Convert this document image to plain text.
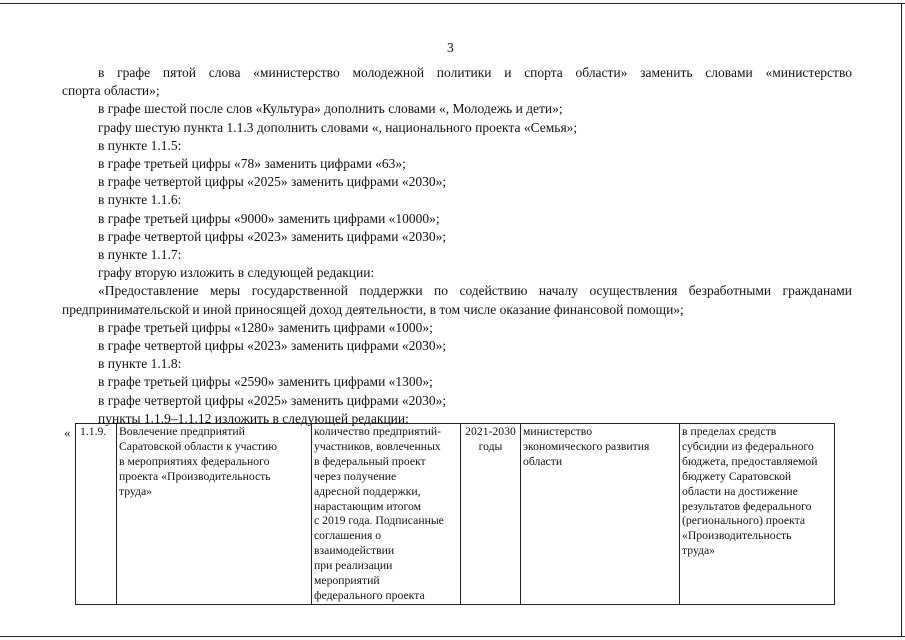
3
в графе пятой слова «министерство молодежной политики и спорта области» заменить словами «министерство
спорта области»;
в графе шестой после слов «Культура» дополнить словами «, Молодежь и дети»;
графу шестую пункта 1.1.3 дополнить словами «, национального проекта «Семья»;
в пункте 1.1.5:
в графе третьей цифры «78» заменить цифрами «63»;
в графе четвертой цифры «2025» заменить цифрами «2030»;
в пункте 1.1.6:
в графе третьей цифры «9000» заменить цифрами «10000»;
в графе четвертой цифры «2023» заменить цифрами «2030»;
в пункте 1.1.7:
графу вторую изложить в следующей редакции:
«Предоставление меры государственной поддержки по содействию началу осуществления безработными гражданами
предпринимательской и иной приносящей доход деятельности, в том числе оказание финансовой помощи»;
в графе третьей цифры «1280» заменить цифрами «1000»;
в графе четвертой цифры «2023» заменить цифрами «2030»;
в пункте 1.1.8:
в графе третьей цифры «2590» заменить цифрами «1300»;
в графе четвертой цифры «2025» заменить цифрами «2030»;
пункты 1.1.9–1.1.12 изложить в следующей редакции:
« 1.1.9.	Вовлечение предприятий
Саратовской области к участию
в мероприятиях федерального
проекта «Производительность
труда»	количество предприятий-
участников, вовлеченных
в федеральный проект
через получение
адресной поддержки,
нарастающим итогом
с 2019 года. Подписанные
соглашения о
взаимодействии
при реализации
мероприятий
федерального проекта	2021-2030
годы	министерство
экономического развития
области	в пределах средств
субсидии из федерального
бюджета, предоставляемой
бюджету Саратовской
области на достижение
результатов федерального
(регионального) проекта
«Производительность
труда»
